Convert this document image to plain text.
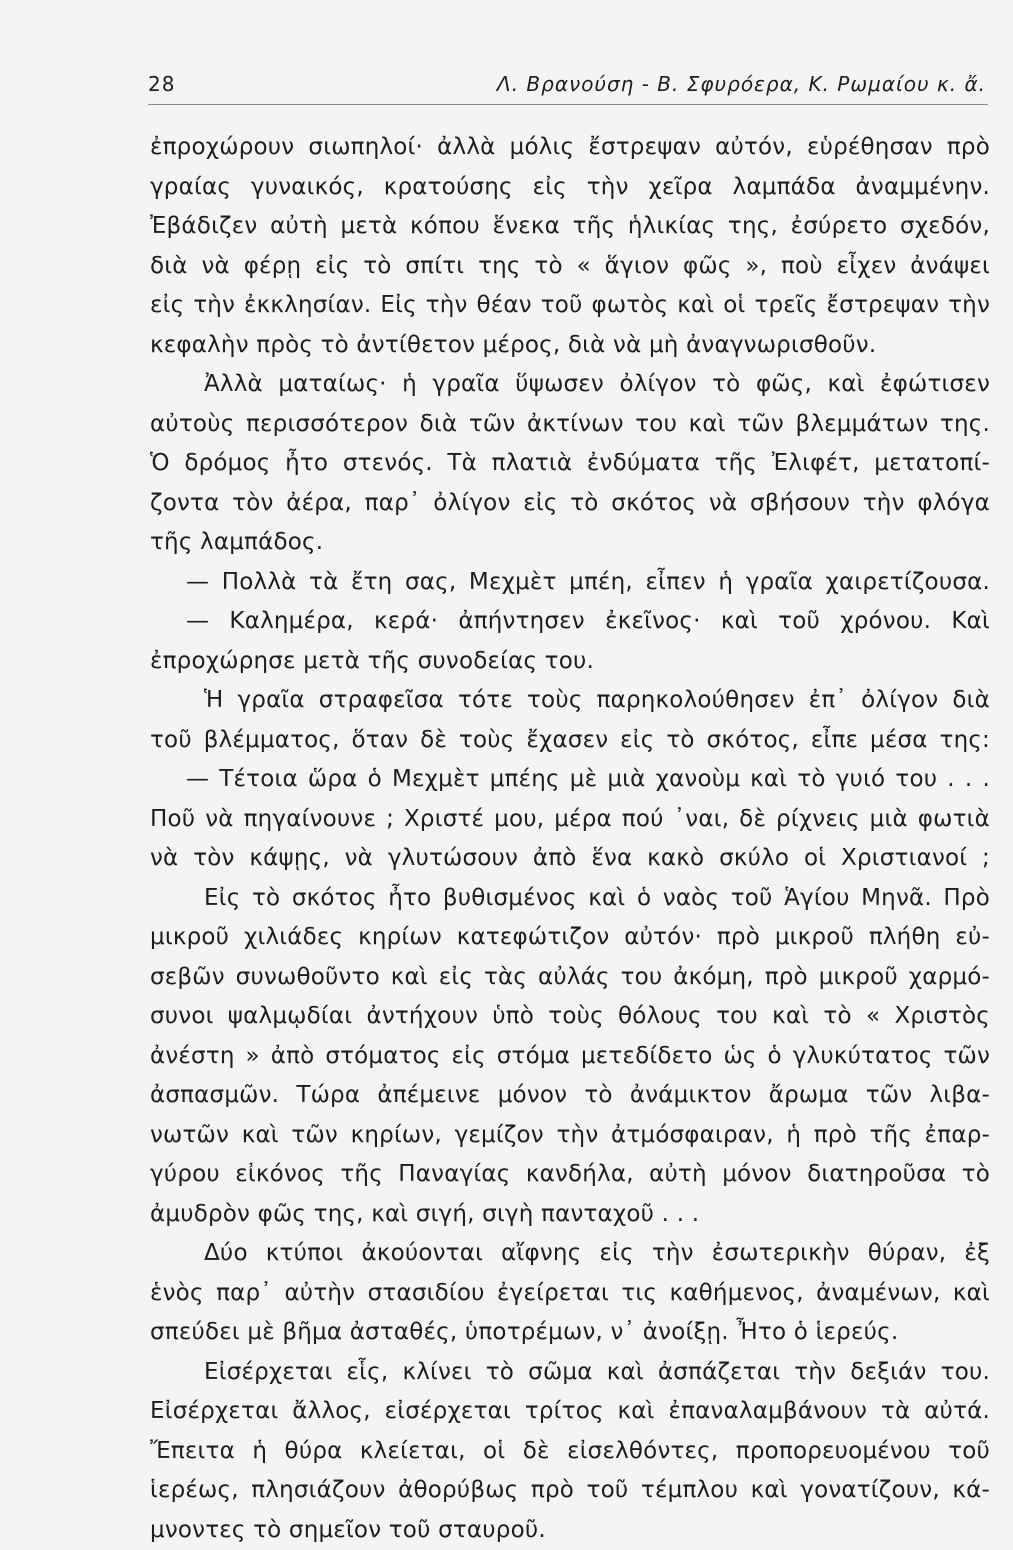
28	Λ. Βρανούση - Β. Σφυρόερα, Κ. Ρωμαίου κ. ἄ.
ἐπροχώρουν σιωπηλοί· ἀλλὰ μόλις ἔστρεψαν αὐτόν, εὑρέθησαν πρὸ
γραίας γυναικός, κρατούσης εἰς τὴν χεῖρα λαμπάδα ἀναμμένην.
Ἐβάδιζεν αὐτὴ μετὰ κόπου ἕνεκα τῆς ἡλικίας της, ἐσύρετο σχεδόν,
διὰ νὰ φέρῃ εἰς τὸ σπίτι της τὸ « ἅγιον φῶς », ποὺ εἶχεν ἀνάψει
εἰς τὴν ἐκκλησίαν. Εἰς τὴν θέαν τοῦ φωτὸς καὶ οἱ τρεῖς ἔστρεψαν τὴν
κεφαλὴν πρὸς τὸ ἀντίθετον μέρος, διὰ νὰ μὴ ἀναγνωρισθοῦν.
Ἀλλὰ ματαίως· ἡ γραῖα ὕψωσεν ὀλίγον τὸ φῶς, καὶ ἐφώτισεν
αὐτοὺς περισσότερον διὰ τῶν ἀκτίνων του καὶ τῶν βλεμμάτων της.
Ὁ δρόμος ἦτο στενός. Τὰ πλατιὰ ἐνδύματα τῆς Ἐλιφέτ, μετατοπί-
ζοντα τὸν ἀέρα, παρ᾽ ὀλίγον εἰς τὸ σκότος νὰ σβήσουν τὴν φλόγα
τῆς λαμπάδος.
— Πολλὰ τὰ ἔτη σας, Μεχμὲτ μπέη, εἶπεν ἡ γραῖα χαιρετίζουσα.
— Καλημέρα, κερά· ἀπήντησεν ἐκεῖνος· καὶ τοῦ χρόνου. Καὶ
ἐπροχώρησε μετὰ τῆς συνοδείας του.
Ἡ γραῖα στραφεῖσα τότε τοὺς παρηκολούθησεν ἐπ᾽ ὀλίγον διὰ
τοῦ βλέμματος, ὅταν δὲ τοὺς ἔχασεν εἰς τὸ σκότος, εἶπε μέσα της:
— Τέτοια ὥρα ὁ Μεχμὲτ μπέης μὲ μιὰ χανοὺμ καὶ τὸ γυιό του . . .
Ποῦ νὰ πηγαίνουνε ; Χριστέ μου, μέρα πού ᾽ναι, δὲ ρίχνεις μιὰ φωτιὰ
νὰ τὸν κάψῃς, νὰ γλυτώσουν ἀπὸ ἕνα κακὸ σκύλο οἱ Χριστιανοί ;
Εἰς τὸ σκότος ἦτο βυθισμένος καὶ ὁ ναὸς τοῦ Ἁγίου Μηνᾶ. Πρὸ
μικροῦ χιλιάδες κηρίων κατεφώτιζον αὐτόν· πρὸ μικροῦ πλήθη εὐ-
σεβῶν συνωθοῦντο καὶ εἰς τὰς αὐλάς του ἀκόμη, πρὸ μικροῦ χαρμό-
συνοι ψαλμῳδίαι ἀντήχουν ὑπὸ τοὺς θόλους του καὶ τὸ « Χριστὸς
ἀνέστη » ἀπὸ στόματος εἰς στόμα μετεδίδετο ὡς ὁ γλυκύτατος τῶν
ἀσπασμῶν. Τώρα ἀπέμεινε μόνον τὸ ἀνάμικτον ἄρωμα τῶν λιβα-
νωτῶν καὶ τῶν κηρίων, γεμίζον τὴν ἀτμόσφαιραν, ἡ πρὸ τῆς ἐπαρ-
γύρου εἰκόνος τῆς Παναγίας κανδήλα, αὐτὴ μόνον διατηροῦσα τὸ
ἀμυδρὸν φῶς της, καὶ σιγή, σιγὴ πανταχοῦ . . .
Δύο κτύποι ἀκούονται αἴφνης εἰς τὴν ἐσωτερικὴν θύραν, ἐξ
ἑνὸς παρ᾽ αὐτὴν στασιδίου ἐγείρεται τις καθήμενος, ἀναμένων, καὶ
σπεύδει μὲ βῆμα ἀσταθές, ὑποτρέμων, ν᾽ ἀνοίξῃ. Ἦτο ὁ ἱερεύς.
Εἰσέρχεται εἷς, κλίνει τὸ σῶμα καὶ ἀσπάζεται τὴν δεξιάν του.
Εἰσέρχεται ἄλλος, εἰσέρχεται τρίτος καὶ ἐπαναλαμβάνουν τὰ αὐτά.
Ἔπειτα ἡ θύρα κλείεται, οἱ δὲ εἰσελθόντες, προπορευομένου τοῦ
ἱερέως, πλησιάζουν ἀθορύβως πρὸ τοῦ τέμπλου καὶ γονατίζουν, κά-
μνοντες τὸ σημεῖον τοῦ σταυροῦ.
